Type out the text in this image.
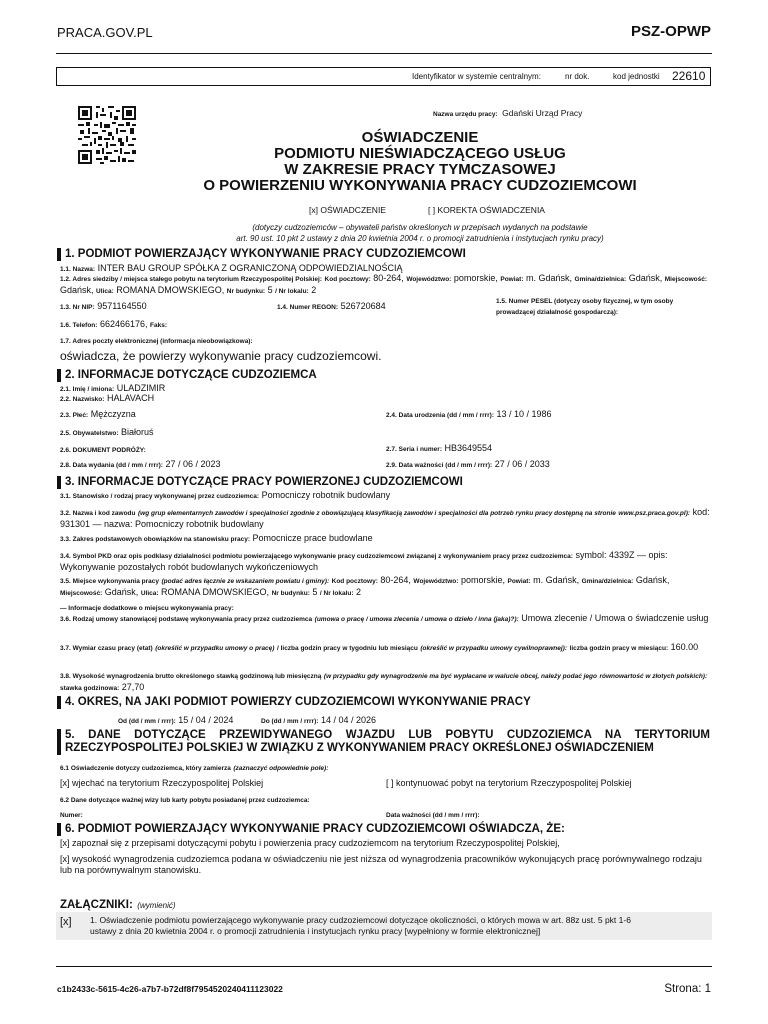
PRACA.GOV.PL	PSZ-OPWP
Identyfikator w systemie centralnym:	nr dok.	kod jednostki 22610
Nazwa urzędu pracy: Gdański Urząd Pracy
OŚWIADCZENIE
PODMIOTU NIEŚWIADCZĄCEGO USŁUG
W ZAKRESIE PRACY TYMCZASOWEJ
O POWIERZENIU WYKONYWANIA PRACY CUDZOZIEMCOWI
[x] OŚWIADCZENIE	[ ] KOREKTA OŚWIADCZENIA
(dotyczy cudzoziemców – obywateli państw określonych w przepisach wydanych na podstawie
art. 90 ust. 10 pkt 2 ustawy z dnia 20 kwietnia 2004 r. o promocji zatrudnienia i instytucjach rynku pracy)
1. PODMIOT POWIERZAJĄCY WYKONYWANIE PRACY CUDZOZIEMCOWI
1.1. Nazwa: INTER BAU GROUP SPÓŁKA Z OGRANICZONĄ ODPOWIEDZIALNOŚCIĄ
1.2. Adres siedziby / miejsca stałego pobytu na terytorium Rzeczypospolitej Polskiej: Kod pocztowy: 80-264, Województwo: pomorskie, Powiat: m. Gdańsk, Gmina/dzielnica: Gdańsk, Miejscowość: Gdańsk, Ulica: ROMANA DMOWSKIEGO, Nr budynku: 5 / Nr lokalu: 2
1.3. Nr NIP: 9571164550	1.4. Numer REGON: 526720684	1.5. Numer PESEL (dotyczy osoby fizycznej, w tym osoby
prowadzącej działalność gospodarczą):
1.6. Telefon: 662466176, Faks:
1.7. Adres poczty elektronicznej (informacja nieobowiązkowa):
oświadcza, że powierzy wykonywanie pracy cudzoziemcowi.
2. INFORMACJE DOTYCZĄCE CUDZOZIEMCA
2.1. Imię / imiona: ULADZIMIR
2.2. Nazwisko: HALAVACH
2.3. Płeć: Mężczyzna	2.4. Data urodzenia (dd / mm / rrrr): 13 / 10 / 1986
2.5. Obywatelstwo: Białoruś
2.6. DOKUMENT PODRÓŻY:	2.7. Seria i numer: HB3649554
2.8. Data wydania (dd / mm / rrrr): 27 / 06 / 2023	2.9. Data ważności (dd / mm / rrrr): 27 / 06 / 2033
3. INFORMACJE DOTYCZĄCE PRACY POWIERZONEJ CUDZOZIEMCOWI
3.1. Stanowisko / rodzaj pracy wykonywanej przez cudzoziemca: Pomocniczy robotnik budowlany
3.2. Nazwa i kod zawodu (wg grup elementarnych zawodów i specjalności zgodnie z obowiązującą klasyfikacją zawodów i specjalności dla potrzeb rynku pracy dostępną na stronie www.psz.praca.gov.pl): kod: 931301 — nazwa: Pomocniczy robotnik budowlany
3.3. Zakres podstawowych obowiązków na stanowisku pracy: Pomocnicze prace budowlane
3.4. Symbol PKD oraz opis podklasy działalności podmiotu powierzającego wykonywanie pracy cudzoziemcowi związanej z wykonywaniem pracy przez cudzoziemca: symbol: 4339Z — opis: Wykonywanie pozostałych robót budowlanych wykończeniowych
3.5. Miejsce wykonywania pracy (podać adres łącznie ze wskazaniem powiatu i gminy): Kod pocztowy: 80-264, Województwo: pomorskie, Powiat: m. Gdańsk, Gmina/dzielnica: Gdańsk, Miejscowość: Gdańsk, Ulica: ROMANA DMOWSKIEGO, Nr budynku: 5 / Nr lokalu: 2
— Informacje dodatkowe o miejscu wykonywania pracy:
3.6. Rodzaj umowy stanowiącej podstawę wykonywania pracy przez cudzoziemca (umowa o pracę / umowa zlecenia / umowa o dzieło / inna (jaka)?): Umowa zlecenie / Umowa o świadczenie usług
3.7. Wymiar czasu pracy (etat) (określić w przypadku umowy o pracę) / liczba godzin pracy w tygodniu lub miesiącu (określić w przypadku umowy cywilnoprawnej): liczba godzin pracy w miesiącu: 160.00
3.8. Wysokość wynagrodzenia brutto określonego stawką godzinową lub miesięczną (w przypadku gdy wynagrodzenie ma być wypłacane w walucie obcej, należy podać jego równowartość w złotych polskich): stawka godzinowa: 27,70
4. OKRES, NA JAKI PODMIOT POWIERZY CUDZOZIEMCOWI WYKONYWANIE PRACY
Od (dd / mm / rrrr): 15 / 04 / 2024	Do (dd / mm / rrrr): 14 / 04 / 2026
5. DANE DOTYCZĄCE PRZEWIDYWANEGO WJAZDU LUB POBYTU CUDZOZIEMCA NA TERYTORIUM
RZECZYPOSPOLITEJ POLSKIEJ W ZWIĄZKU Z WYKONYWANIEM PRACY OKREŚLONEJ OŚWIADCZENIEM
6.1 Oświadczenie dotyczy cudzoziemca, który zamierza (zaznaczyć odpowiednie pole):
[x] wjechać na terytorium Rzeczypospolitej Polskiej	[ ] kontynuować pobyt na terytorium Rzeczypospolitej Polskiej
6.2 Dane dotyczące ważnej wizy lub karty pobytu posiadanej przez cudzoziemca:
Numer:	Data ważności (dd / mm / rrrr):
6. PODMIOT POWIERZAJĄCY WYKONYWANIE PRACY CUDZOZIEMCOWI OŚWIADCZA, ŻE:
[x] zapoznał się z przepisami dotyczącymi pobytu i powierzenia pracy cudzoziemcom na terytorium Rzeczypospolitej Polskiej,
[x] wysokość wynagrodzenia cudzoziemca podana w oświadczeniu nie jest niższa od wynagrodzenia pracowników wykonujących pracę porównywalnego rodzaju
lub na porównywalnym stanowisku.
ZAŁĄCZNIKI: (wymienić)
[x] 1. Oświadczenie podmiotu powierzającego wykonywanie pracy cudzoziemcowi dotyczące okoliczności, o których mowa w art. 88z ust. 5 pkt 1-6
ustawy z dnia 20 kwietnia 2004 r. o promocji zatrudnienia i instytucjach rynku pracy [wypełniony w formie elektronicznej]
c1b2433c-5615-4c26-a7b7-b72df8f7954520240411123022	Strona: 1
